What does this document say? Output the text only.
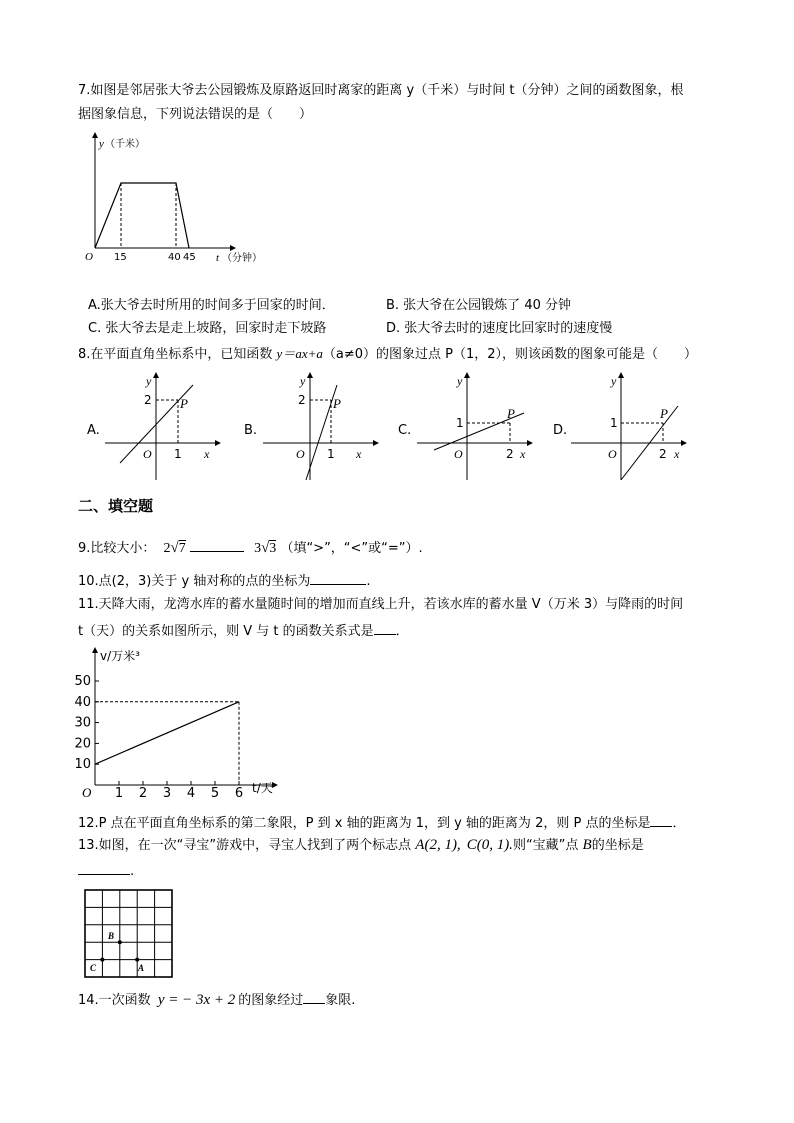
7.如图是邻居张大爷去公园锻炼及原路返回时离家的距离 y（千米）与时间 t（分钟）之间的函数图象，根
据图象信息，下列说法错误的是（　　）
y （千米）
O 15	40 45 t （分钟）
A.张大爷去时所用的时间多于回家的时间．	B. 张大爷在公园锻炼了 40 分钟
C. 张大爷去是走上坡路，回家时走下坡路	D. 张大爷去时的速度比回家时的速度慢
8.在平面直角坐标系中，已知函数 y＝ax+a（a≠0）的图象过点 P（1，2），则该函数的图象可能是（　　）
A.
y
2 P
O 1 x
B.
y
2 P
O 1 x
C.
y
1
P
O	2 x
D.
y
1
P
O	2 x
二、填空题
9.比较大小： 2√7	3√3 （填“>”，“<”或“=”）.
10.点(2，3)关于 y 轴对称的点的坐标为	.
11.天降大雨，龙湾水库的蓄水量随时间的增加而直线上升，若该水库的蓄水量 V（万米 3）与降雨的时间
t（天）的关系如图所示，则 V 与 t 的函数关系式是 ．
10
20
30
40
50
1 2 3 4 5 6
v/万米³
t/天
O
12.P 点在平面直角坐标系的第二象限，P 到 x 轴的距离为 1，到 y 轴的距离为 2，则 P 点的坐标是 ．
13.如图，在一次“寻宝”游戏中，寻宝人找到了两个标志点 A(2, 1), C(0, 1).则“宝藏”点 B的坐标是
.
C
B
A
14.一次函数 y = − 3x + 2 的图象经过 象限.
